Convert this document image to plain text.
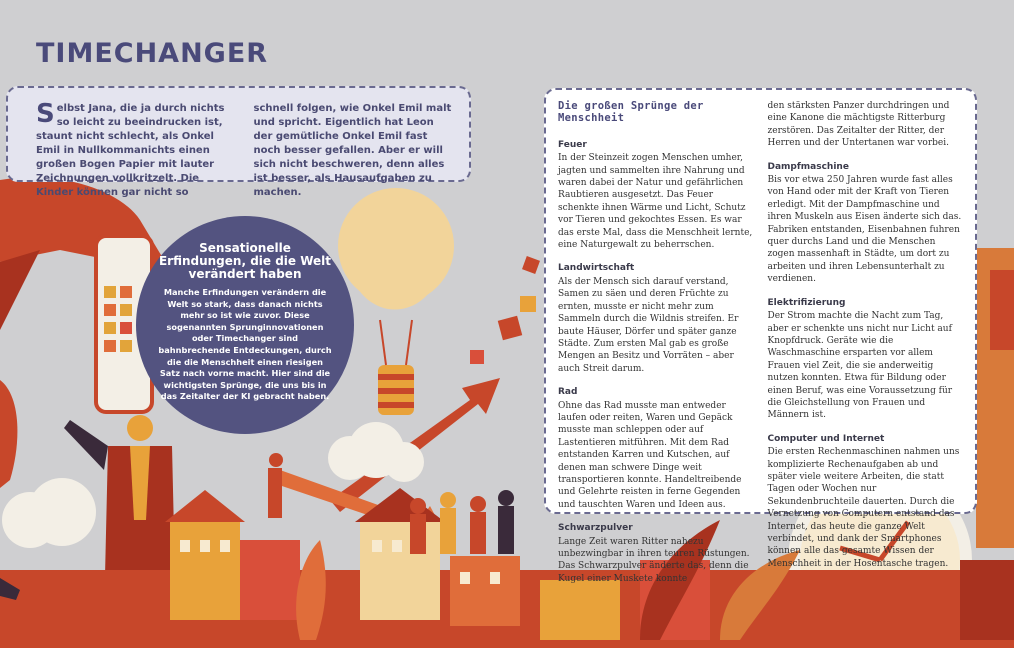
TIMECHANGER
Selbst Jana, die ja durch nichts so leicht zu beeindrucken ist, staunt nicht schlecht, als Onkel Emil in Nullkommanichts einen großen Bogen Papier mit lauter Zeichnungen vollkritzelt. Die Kinder können gar nicht so
schnell folgen, wie Onkel Emil malt und spricht. Eigentlich hat Leon der gemütliche Onkel Emil fast noch besser gefallen. Aber er will sich nicht beschweren, denn alles ist besser, als Hausaufgaben zu machen.
Sensationelle Erfindungen, die die Welt verändert haben
Manche Erfindungen verändern die Welt so stark, dass danach nichts mehr so ist wie zuvor. Diese sogenannten Sprunginnovationen oder Timechanger sind bahnbrechende Entdeckungen, durch die die Menschheit einen riesigen Satz nach vorne macht. Hier sind die wichtigsten Sprünge, die uns bis in das Zeitalter der KI gebracht haben.
Die großen Sprünge der Menschheit
Feuer
In der Steinzeit zogen Menschen umher, jagten und sammelten ihre Nahrung und waren dabei der Natur und gefährlichen Raubtieren ausgesetzt. Das Feuer schenkte ihnen Wärme und Licht, Schutz vor Tieren und gekochtes Essen. Es war das erste Mal, dass die Menschheit lernte, eine Naturgewalt zu beherrschen.
Landwirtschaft
Als der Mensch sich darauf verstand, Samen zu säen und deren Früchte zu ernten, musste er nicht mehr zum Sammeln durch die Wildnis streifen. Er baute Häuser, Dörfer und später ganze Städte. Zum ersten Mal gab es große Mengen an Besitz und Vorräten – aber auch Streit darum.
Rad
Ohne das Rad musste man entweder laufen oder reiten, Waren und Gepäck musste man schleppen oder auf Lastentieren mitführen. Mit dem Rad entstanden Karren und Kutschen, auf denen man schwere Dinge weit transportieren konnte. Handeltreibende und Gelehrte reisten in ferne Gegenden und tauschten Waren und Ideen aus.
Schwarzpulver
Lange Zeit waren Ritter nahezu unbezwingbar in ihren teuren Rüstungen. Das Schwarzpulver änderte das, denn die Kugel einer Muskete konnte
den stärksten Panzer durchdringen und eine Kanone die mächtigste Ritterburg zerstören. Das Zeitalter der Ritter, der Herren und der Untertanen war vorbei.
Dampfmaschine
Bis vor etwa 250 Jahren wurde fast alles von Hand oder mit der Kraft von Tieren erledigt. Mit der Dampfmaschine und ihren Muskeln aus Eisen änderte sich das. Fabriken entstanden, Eisenbahnen fuhren quer durchs Land und die Menschen zogen massenhaft in Städte, um dort zu arbeiten und ihren Lebensunterhalt zu verdienen.
Elektrifizierung
Der Strom machte die Nacht zum Tag, aber er schenkte uns nicht nur Licht auf Knopfdruck. Geräte wie die Waschmaschine ersparten vor allem Frauen viel Zeit, die sie anderweitig nutzen konnten. Etwa für Bildung oder einen Beruf, was eine Voraussetzung für die Gleichstellung von Frauen und Männern ist.
Computer und Internet
Die ersten Rechenmaschinen nahmen uns komplizierte Rechenaufgaben ab und später viele weitere Arbeiten, die statt Tagen oder Wochen nur Sekundenbruchteile dauerten. Durch die Vernetzung von Computern entstand das Internet, das heute die ganze Welt verbindet, und dank der Smartphones können alle das gesamte Wissen der Menschheit in der Hosentasche tragen.
